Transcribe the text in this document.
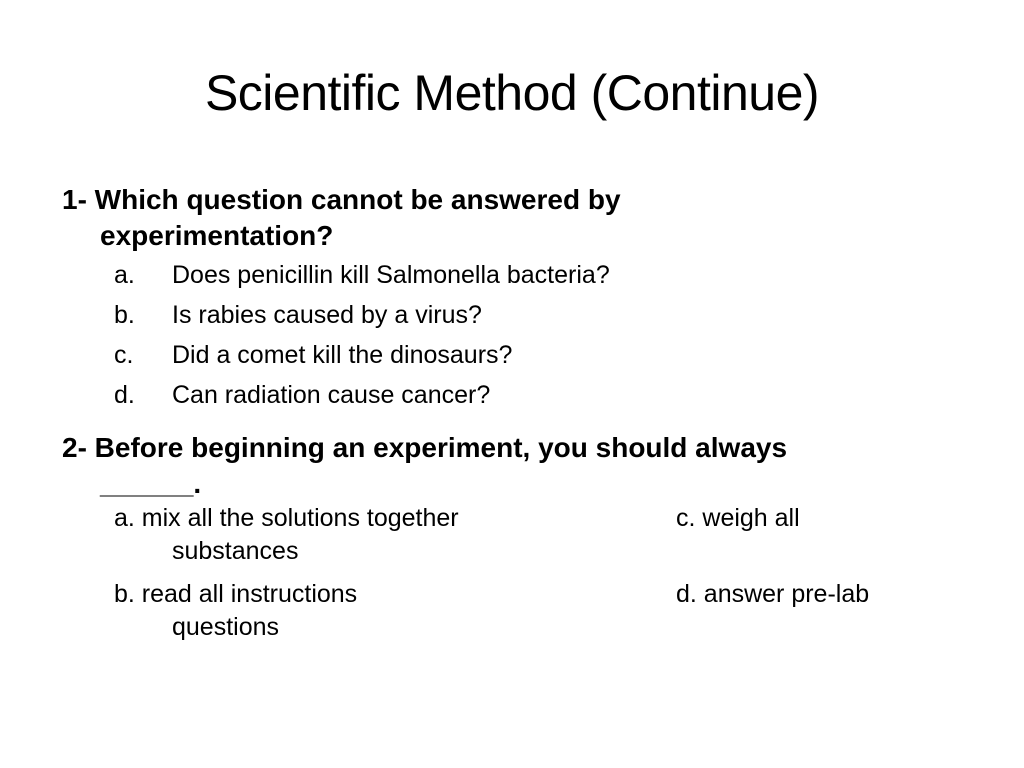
Scientific Method (Continue)

1- Which question cannot be answered by
experimentation?

a. Does penicillin kill Salmonella bacteria?
b. Is rabies caused by a virus?
c. Did a comet kill the dinosaurs?
d. Can radiation cause cancer?

2- Before beginning an experiment, you should always
______.

a. mix all the solutions together	c. weigh all
substances
b. read all instructions	d. answer pre-lab
questions
